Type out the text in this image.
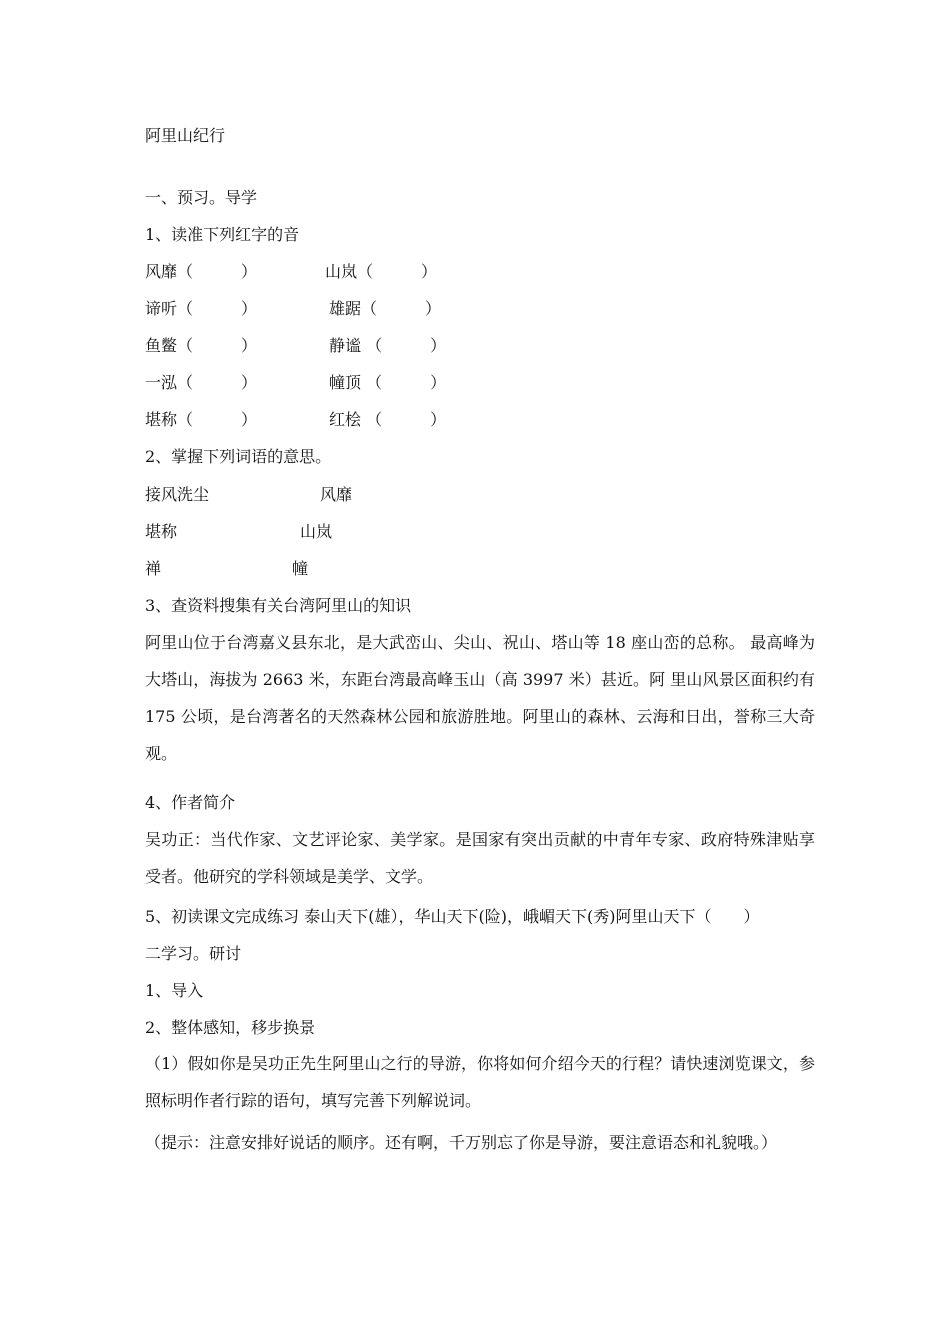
阿里山纪行
一、预习。导学
1、读准下列红字的音
风靡（　　　）	山岚（　　　）
谛听（　　　）	雄踞（　　　）
鱼鳖（　　　）	静谧 （　　　）
一泓（　　　）	幢顶 （　　　）
堪称（　　　）	红桧 （　　　）
2、掌握下列词语的意思。
接风洗尘	风靡
堪称	山岚
禅	幢
3、查资料搜集有关台湾阿里山的知识
阿里山位于台湾嘉义县东北，是大武峦山、尖山、祝山、塔山等 18 座山峦的总称。 最高峰为大塔山，海拔为 2663 米，东距台湾最高峰玉山（高 3997 米）甚近。阿 里山风景区面积约有 175 公顷，是台湾著名的天然森林公园和旅游胜地。阿里山的森林、云海和日出，誉称三大奇观。
4、作者简介
吴功正：当代作家、文艺评论家、美学家。是国家有突出贡献的中青年专家、政府特殊津贴享受者。他研究的学科领域是美学、文学。
5、初读课文完成练习 泰山天下(雄），华山天下(险)，峨嵋天下(秀)阿里山天下（　　）
二学习。研讨
1、导入
2、整体感知，移步换景
（1）假如你是吴功正先生阿里山之行的导游，你将如何介绍今天的行程？请快速浏览课文，参照标明作者行踪的语句，填写完善下列解说词。
（提示：注意安排好说话的顺序。还有啊，千万别忘了你是导游，要注意语态和礼貌哦。）
